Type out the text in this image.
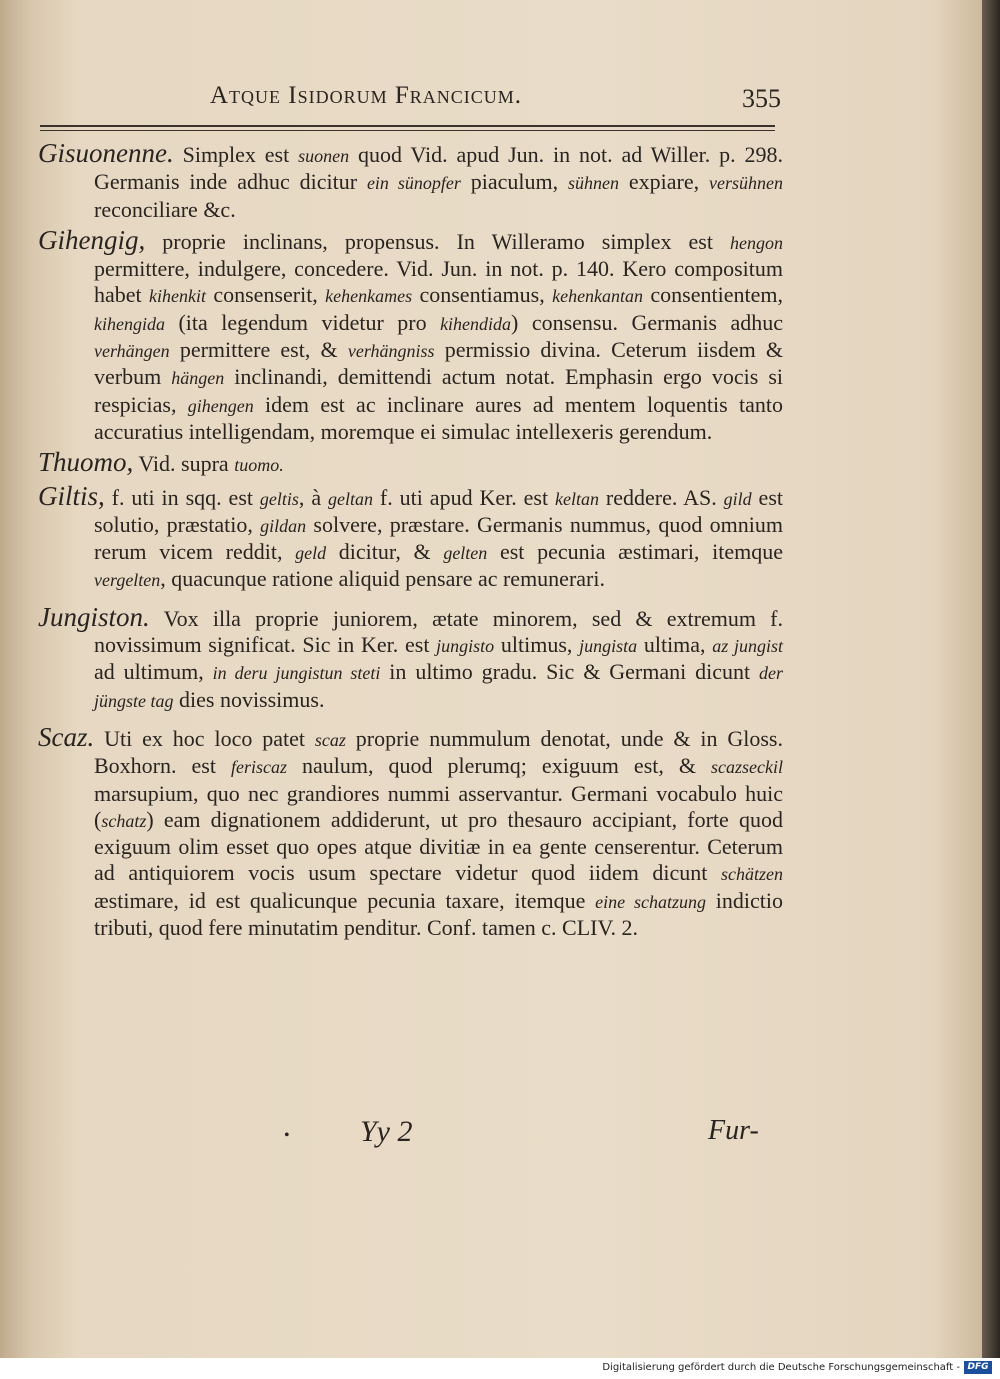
Atque Isidorum Francicum.	355

Gisuonenne. Simplex est suonen quod Vid. apud Jun. in not. ad Willer. p. 298. Germanis inde adhuc dicitur ein sünopfer piaculum, sühnen expiare, versühnen reconciliare &c.

Gihengig, proprie inclinans, propensus. In Willeramo simplex est hengon permittere, indulgere, concedere. Vid. Jun. in not. p. 140. Kero compositum habet kihenkit consenserit, kehenkames consentiamus, kehenkantan consentientem, kihengida (ita legendum videtur pro kihendida) consensu. Germanis adhuc verhängen permittere est, & verhängniss permissio divina. Ceterum iisdem & verbum hängen inclinandi, demittendi actum notat. Emphasin ergo vocis si respicias, gihengen idem est ac inclinare aures ad mentem loquentis tanto accuratius intelligendam, moremque ei simulac intellexeris gerendum.

Thuomo, Vid. supra tuomo.

Giltis, f. uti in sqq. est geltis, à geltan f. uti apud Ker. est keltan reddere. AS. gild est solutio, præstatio, gildan solvere, præstare. Germanis nummus, quod omnium rerum vicem reddit, geld dicitur, & gelten est pecunia æstimari, itemque vergelten, quacunque ratione aliquid pensare ac remunerari.

Jungiston. Vox illa proprie juniorem, ætate minorem, sed & extremum f. novissimum significat. Sic in Ker. est jungisto ultimus, jungista ultima, az jungist ad ultimum, in deru jungistun steti in ultimo gradu. Sic & Germani dicunt der jüngste tag dies novissimus.

Scaz. Uti ex hoc loco patet scaz proprie nummulum denotat, unde & in Gloss. Boxhorn. est feriscaz naulum, quod plerumq; exiguum est, & scazseckil marsupium, quo nec grandiores nummi asservantur. Germani vocabulo huic (schatz) eam dignationem addiderunt, ut pro thesauro accipiant, forte quod exiguum olim esset quo opes atque divitiæ in ea gente censerentur. Ceterum ad antiquiorem vocis usum spectare videtur quod iidem dicunt schätzen æstimare, id est qualicunque pecunia taxare, itemque eine schatzung indictio tributi, quod fere minutatim penditur. Conf. tamen c. CLIV. 2.

• Yy 2	Fur-
Digitalisierung gefördert durch die Deutsche Forschungsgemeinschaft - DFG
